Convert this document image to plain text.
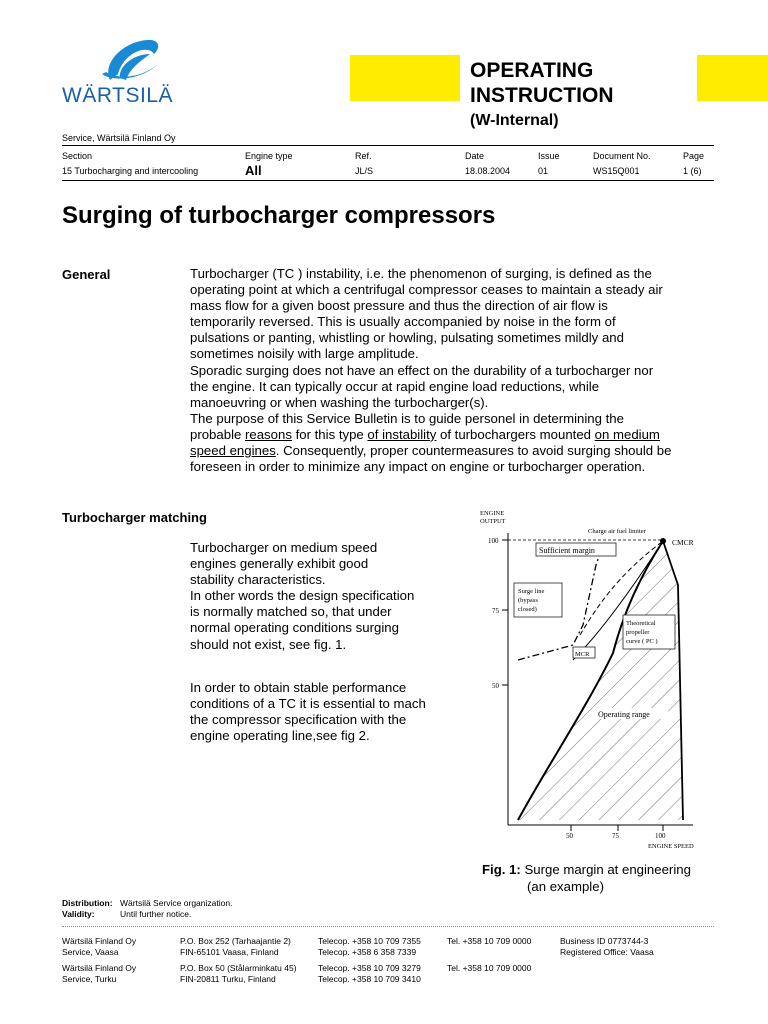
WÄRTSILÄ
OPERATING
INSTRUCTION
(W-Internal)
Service, Wärtsilä Finland Oy
Section	Engine type	Ref.	Date	Issue	Document No.	Page
15 Turbocharging and intercooling	All	JL/S	18.08.2004	01	WS15Q001	1 (6)
Surging of turbocharger compressors
General	Turbocharger (TC ) instability, i.e. the phenomenon of surging, is defined as the
operating point at which a centrifugal compressor ceases to maintain a steady air
mass flow for a given boost pressure and thus the direction of air flow is
temporarily reversed. This is usually accompanied by noise in the form of
pulsations or panting, whistling or howling, pulsating sometimes mildly and
sometimes noisily with large amplitude.
Sporadic surging does not have an effect on the durability of a turbocharger nor
the engine. It can typically occur at rapid engine load reductions, while
manoeuvring or when washing the turbocharger(s).
The purpose of this Service Bulletin is to guide personel in determining the
probable reasons for this type of instability of turbochargers mounted on medium
speed engines. Consequently, proper countermeasures to avoid surging should be
foreseen in order to minimize any impact on engine or turbocharger operation.
Turbocharger matching
Turbocharger on medium speed
engines generally exhibit good
stability characteristics.
In other words the design specification
is normally matched so, that under
normal operating conditions surging
should not exist, see fig. 1.
In order to obtain stable performance
conditions of a TC it is essential to mach
the compressor specification with the
engine operating line,see fig 2.
ENGINE
OUTPUT
100
75
50
50	75	100
ENGINE SPEED
Charge air fuel limiter
CMCR
Sufficient margin
Surge line
(bypass
closed)
Theoretical
propeller
curve ( PC )
MCR
Operating range
Fig. 1: Surge margin at engineering
(an example)
Distribution: Wärtsilä Service organization.
Validity:	Until further notice.
Wärtsilä Finland Oy
Service, Vaasa
P.O. Box 252 (Tarhaajantie 2)
FIN-65101 Vaasa, Finland
Telecop. +358 10 709 7355
Telecop. +358 6 358 7339
Tel. +358 10 709 0000	Business ID 0773744-3
Registered Office: Vaasa
Wärtsilä Finland Oy
Service, Turku
P.O. Box 50 (Stålarminkatu 45)
FIN-20811 Turku, Finland
Telecop. +358 10 709 3279
Telecop. +358 10 709 3410
Tel. +358 10 709 0000
